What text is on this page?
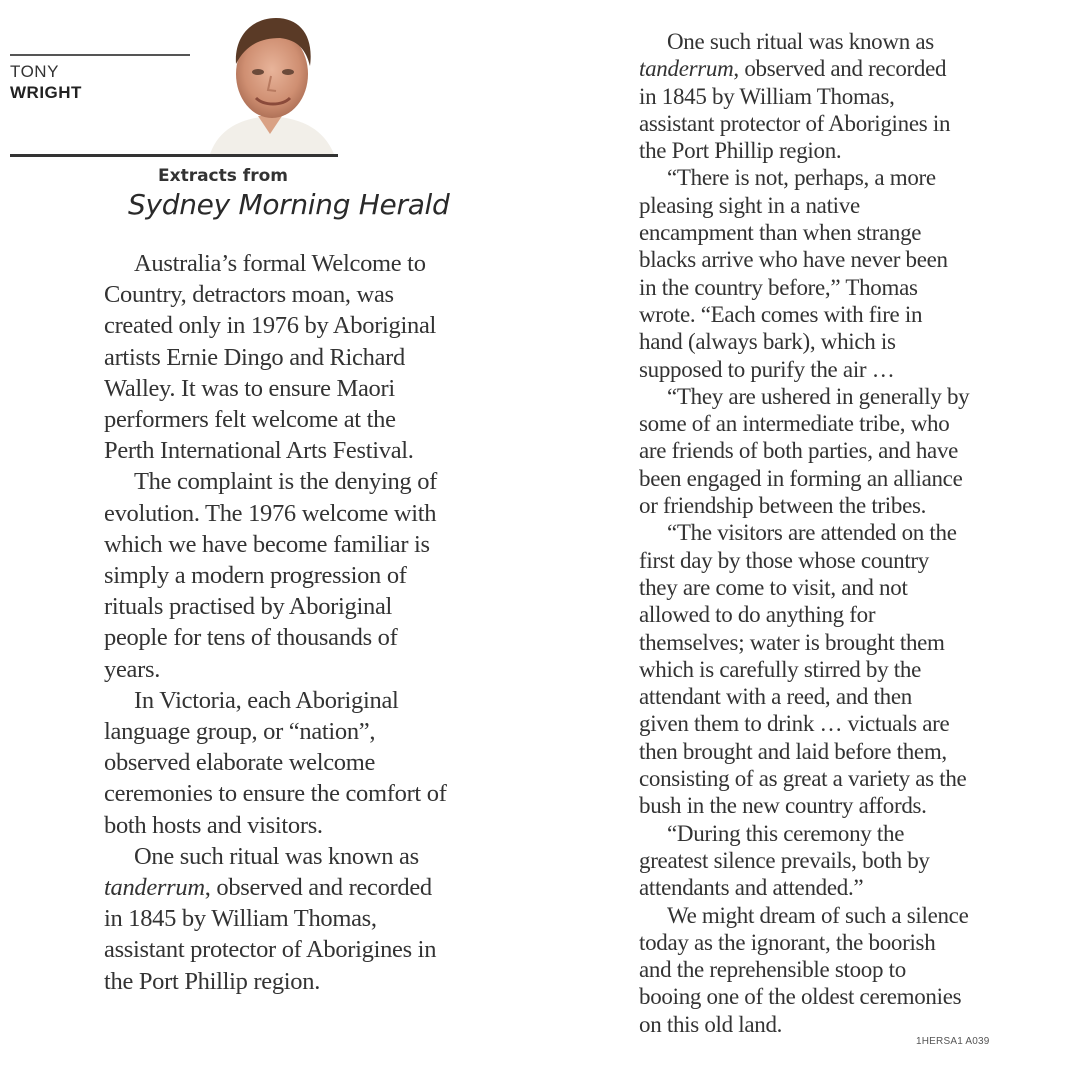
TONY
WRIGHT
Extracts from
Sydney Morning Herald
Australia’s formal Welcome to
Country, detractors moan, was
created only in 1976 by Aboriginal
artists Ernie Dingo and Richard
Walley. It was to ensure Maori
performers felt welcome at the
Perth International Arts Festival.
The complaint is the denying of
evolution. The 1976 welcome with
which we have become familiar is
simply a modern progression of
rituals practised by Aboriginal
people for tens of thousands of
years.
In Victoria, each Aboriginal
language group, or “nation”,
observed elaborate welcome
ceremonies to ensure the comfort of
both hosts and visitors.
One such ritual was known as
tanderrum, observed and recorded
in 1845 by William Thomas,
assistant protector of Aborigines in
the Port Phillip region.
One such ritual was known as
tanderrum, observed and recorded
in 1845 by William Thomas,
assistant protector of Aborigines in
the Port Phillip region.
“There is not, perhaps, a more
pleasing sight in a native
encampment than when strange
blacks arrive who have never been
in the country before,” Thomas
wrote. “Each comes with fire in
hand (always bark), which is
supposed to purify the air …
“They are ushered in generally by
some of an intermediate tribe, who
are friends of both parties, and have
been engaged in forming an alliance
or friendship between the tribes.
“The visitors are attended on the
first day by those whose country
they are come to visit, and not
allowed to do anything for
themselves; water is brought them
which is carefully stirred by the
attendant with a reed, and then
given them to drink … victuals are
then brought and laid before them,
consisting of as great a variety as the
bush in the new country affords.
“During this ceremony the
greatest silence prevails, both by
attendants and attended.”
We might dream of such a silence
today as the ignorant, the boorish
and the reprehensible stoop to
booing one of the oldest ceremonies
on this old land.
1HERSA1 A039
